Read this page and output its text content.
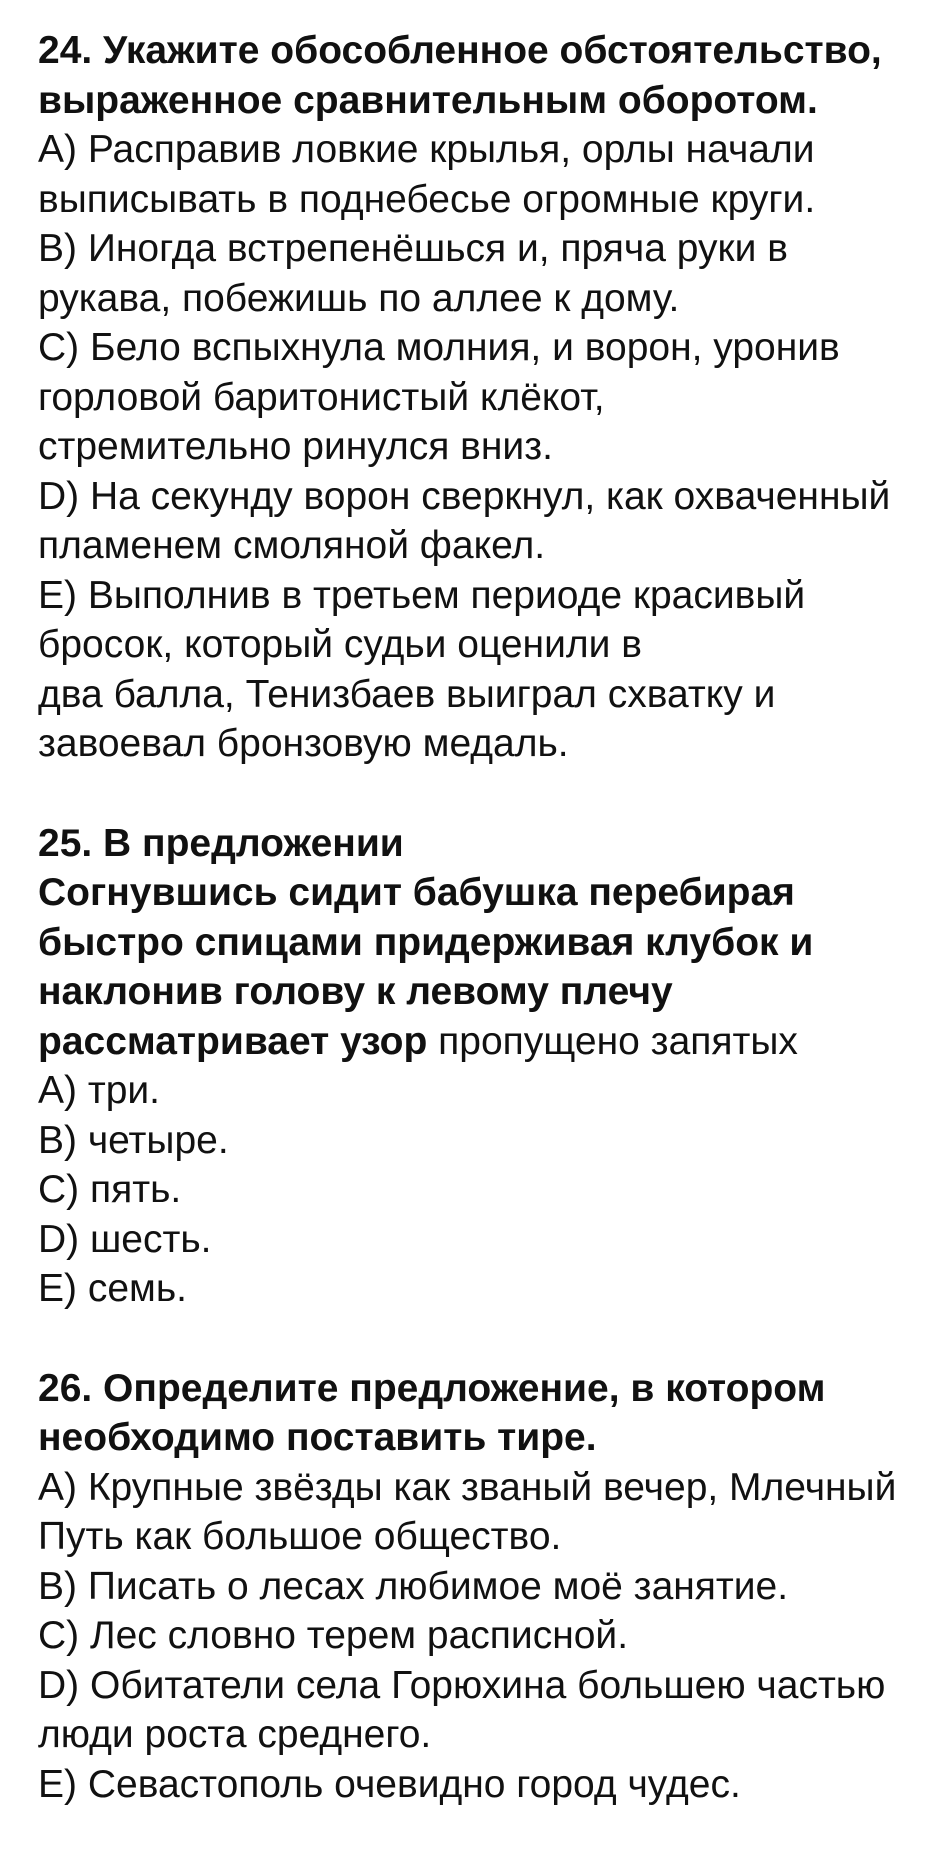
24. Укажите обособленное обстоятельство,
выраженное сравнительным оборотом.
A) Расправив ловкие крылья, орлы начали
выписывать в поднебесье огромные круги.
B) Иногда встрепенёшься и, пряча руки в
рукава, побежишь по аллее к дому.
C) Бело вспыхнула молния, и ворон, уронив
горловой баритонистый клёкот,
стремительно ринулся вниз.
D) На секунду ворон сверкнул, как охваченный
пламенем смоляной факел.
E) Выполнив в третьем периоде красивый
бросок, который судьи оценили в
два балла, Тенизбаев выиграл схватку и
завоевал бронзовую медаль.
25. В предложении
Согнувшись сидит бабушка перебирая
быстро спицами придерживая клубок и
наклонив голову к левому плечу
рассматривает узор пропущено запятых
A) три.
B) четыре.
C) пять.
D) шесть.
E) семь.
26. Определите предложение, в котором
необходимо поставить тире.
A) Крупные звёзды как званый вечер, Млечный
Путь как большое общество.
B) Писать о лесах любимое моё занятие.
C) Лес словно терем расписной.
D) Обитатели села Горюхина большею частью
люди роста среднего.
E) Севастополь очевидно город чудес.
